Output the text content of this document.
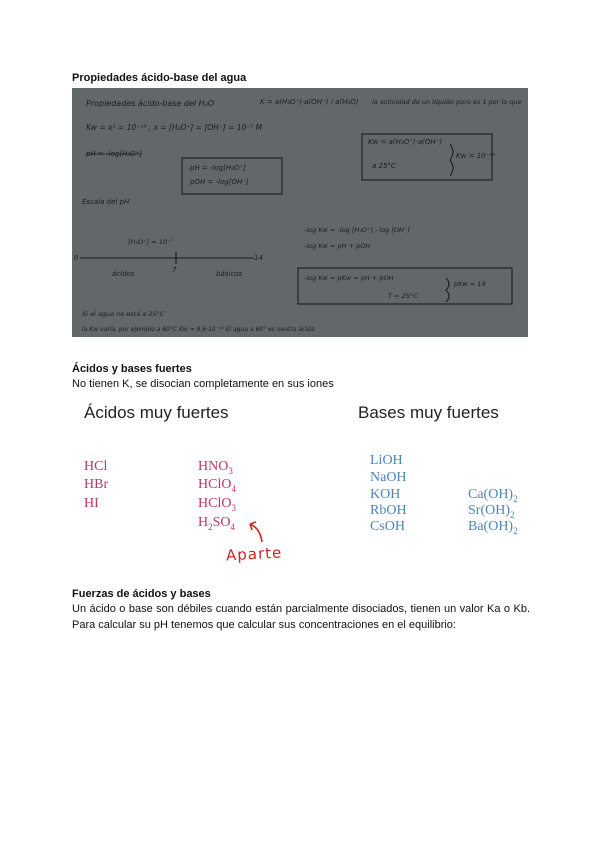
Propiedades ácido-base del agua
Propiedades ácido-base del H₂O	K = a(H₃O⁺)·a(OH⁻) / a(H₂O) la actividad de un líquido puro es 1 por lo que
Kw = x² = 10⁻¹⁴ ; x = [H₃O⁺] = [OH⁻] = 10⁻⁷ M
pH = -log[H₃O⁺]
pH = -log[H₃O⁺]
pOH = -log[OH⁻]
Kw = a(H₃O⁺)·a(OH⁻)
a 25°C
Kw = 10⁻¹⁴
Escala del pH
[H₃O⁺] = 10⁻⁷
0
7
14
ácidos	básicos
-log Kw = -log [H₃O⁺] - log [OH⁻]
-log Kw = pH + pOH
-log Kw = pKw = pH + pOH
T = 25°C
pKw = 14
Si el agua no está a 25°C
la Kw varía, por ejemplo a 60°C Kw = 9,6·10⁻¹⁴ El agua a 60° es neutra ácida
Ácidos y bases fuertes

No tienen K, se disocian completamente en sus iones

Ácidos muy fuertes	Bases muy fuertes
HCl
HBr
HI
$HNO_3$
HClO$_4$
HClO$_3$
$H_2SO_4$
Aparte
LiOH
NaOH
KOH
RbOH
CsOH
$Ca(OH)_2$
$Sr(OH)_2$
$Ba(OH)_2$
Fuerzas de ácidos y bases

Un ácido o base son débiles cuando están parcialmente disociados, tienen un valor Ka o Kb. Para calcular su pH tenemos que calcular sus concentraciones en el equilibrio:
